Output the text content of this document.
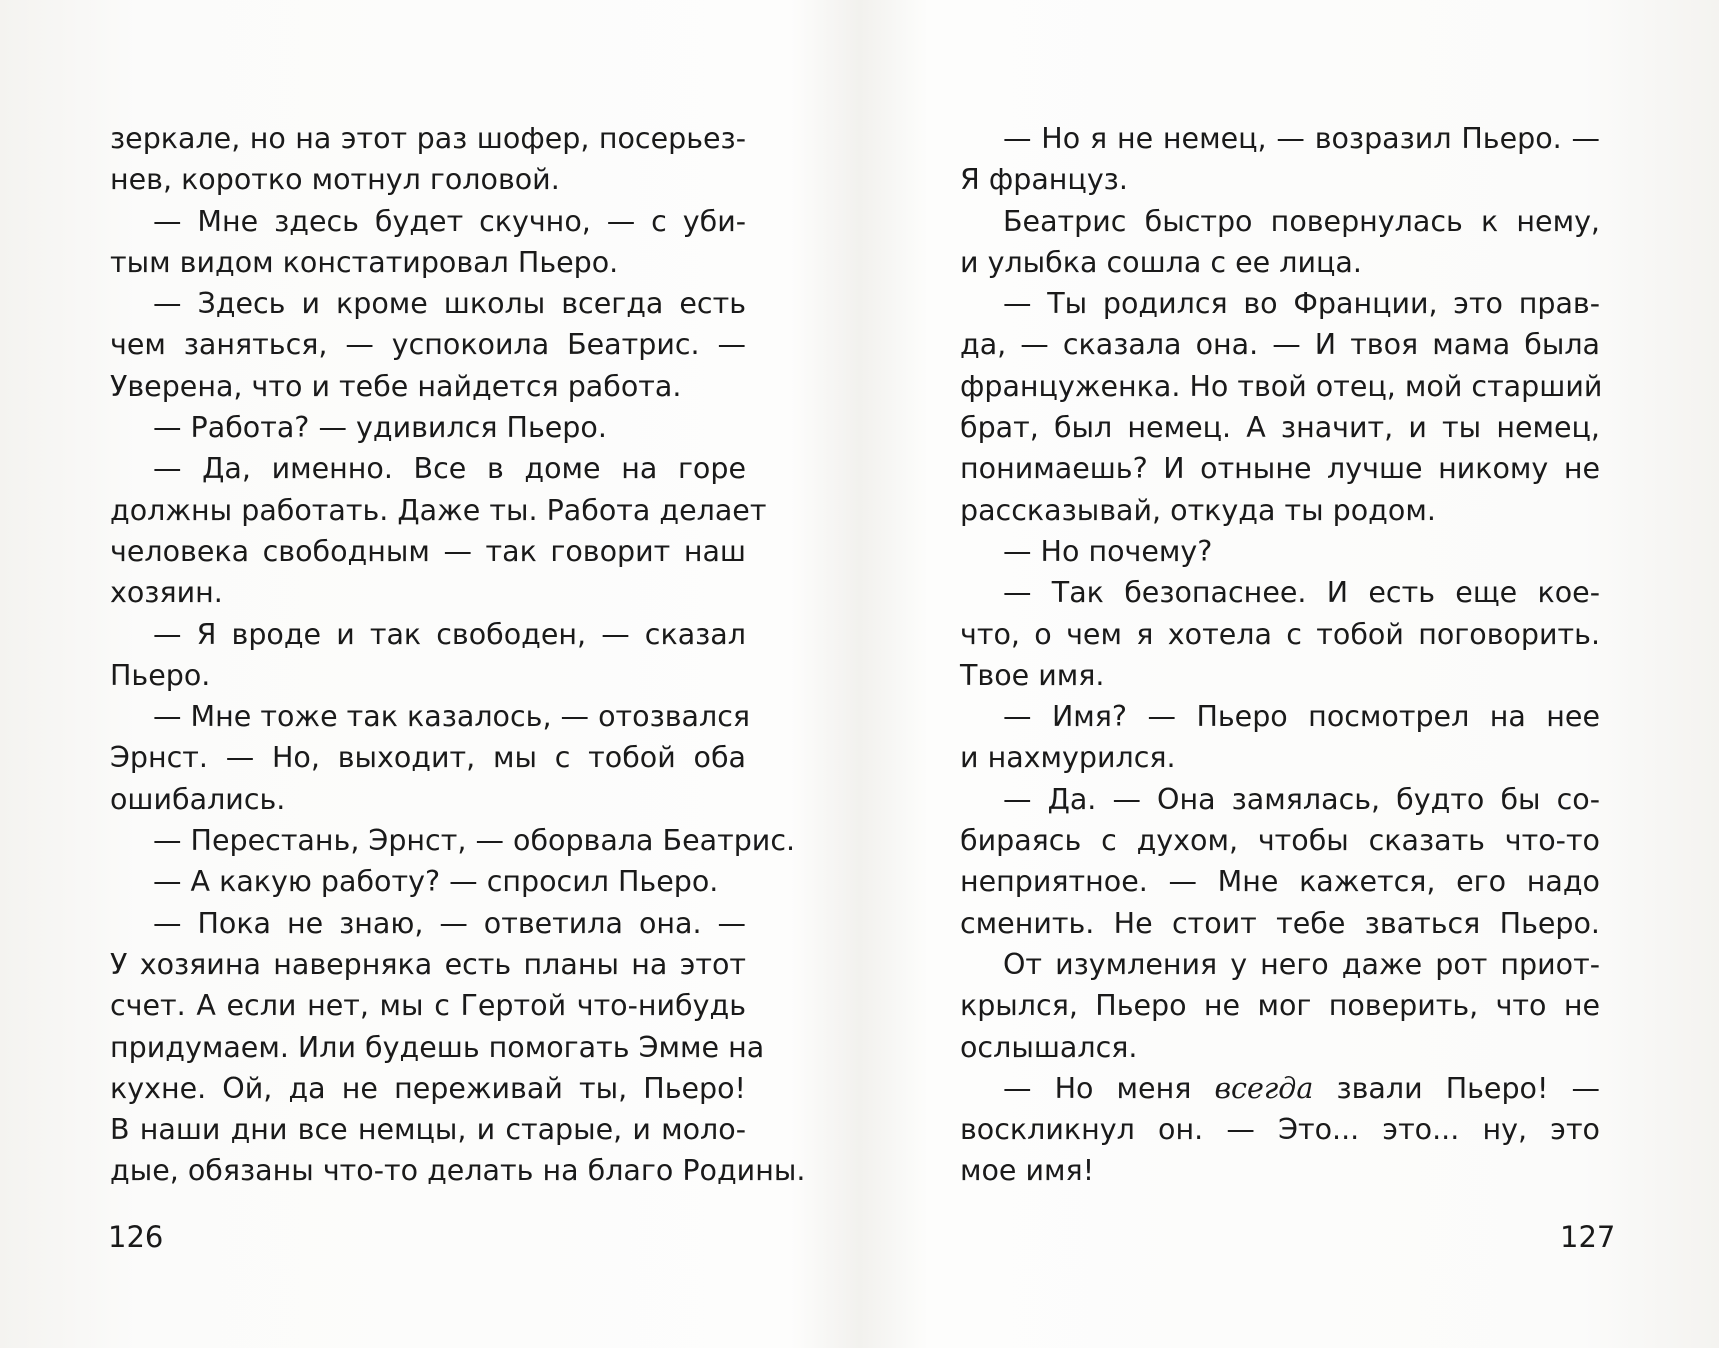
зеркале, но на этот раз шофер, посерьез-
нев, коротко мотнул головой.
— Мне здесь будет скучно, — с уби-
тым видом констатировал Пьеро.
— Здесь и кроме школы всегда есть
чем заняться, — успокоила Беатрис. —
Уверена, что и тебе найдется работа.
— Работа? — удивился Пьеро.
— Да, именно. Все в доме на горе
должны работать. Даже ты. Работа делает
человека свободным — так говорит наш
хозяин.
— Я вроде и так свободен, — сказал
Пьеро.
— Мне тоже так казалось, — отозвался
Эрнст. — Но, выходит, мы с тобой оба
ошибались.
— Перестань, Эрнст, — оборвала Беатрис.
— А какую работу? — спросил Пьеро.
— Пока не знаю, — ответила она. —
У хозяина наверняка есть планы на этот
счет. А если нет, мы с Гертой что-нибудь
придумаем. Или будешь помогать Эмме на
кухне. Ой, да не переживай ты, Пьеро!
В наши дни все немцы, и старые, и моло-
дые, обязаны что-то делать на благо Родины.
— Но я не немец, — возразил Пьеро. —
Я француз.
Беатрис быстро повернулась к нему,
и улыбка сошла с ее лица.
— Ты родился во Франции, это прав-
да, — сказала она. — И твоя мама была
француженка. Но твой отец, мой старший
брат, был немец. А значит, и ты немец,
понимаешь? И отныне лучше никому не
рассказывай, откуда ты родом.
— Но почему?
— Так безопаснее. И есть еще кое-
что, о чем я хотела с тобой поговорить.
Твое имя.
— Имя? — Пьеро посмотрел на нее
и нахмурился.
— Да. — Она замялась, будто бы со-
бираясь с духом, чтобы сказать что-то
неприятное. — Мне кажется, его надо
сменить. Не стоит тебе зваться Пьеро.
От изумления у него даже рот приот-
крылся, Пьеро не мог поверить, что не
ослышался.
— Но меня всегда звали Пьеро! —
воскликнул он. — Это... это... ну, это
мое имя!
126	127
